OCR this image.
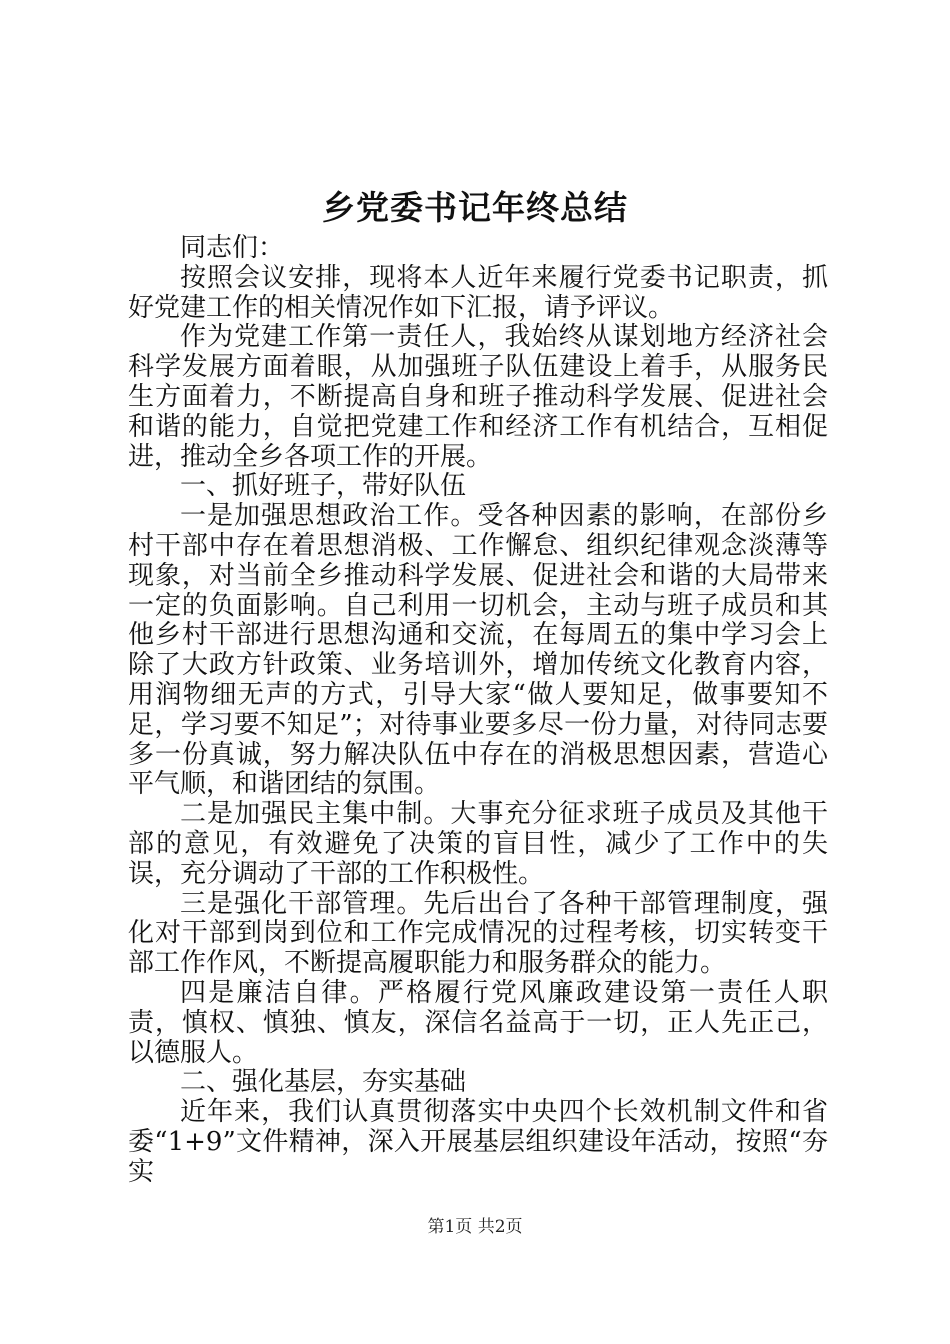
乡党委书记年终总结

同志们：

按照会议安排，现将本人近年来履行党委书记职责，抓好党建工作的相关情况作如下汇报，请予评议。

作为党建工作第一责任人，我始终从谋划地方经济社会科学发展方面着眼，从加强班子队伍建设上着手，从服务民生方面着力，不断提高自身和班子推动科学发展、促进社会和谐的能力，自觉把党建工作和经济工作有机结合，互相促进，推动全乡各项工作的开展。

一、抓好班子，带好队伍

一是加强思想政治工作。受各种因素的影响，在部份乡村干部中存在着思想消极、工作懈怠、组织纪律观念淡薄等现象，对当前全乡推动科学发展、促进社会和谐的大局带来一定的负面影响。自己利用一切机会，主动与班子成员和其他乡村干部进行思想沟通和交流，在每周五的集中学习会上除了大政方针政策、业务培训外，增加传统文化教育内容，用润物细无声的方式，引导大家“做人要知足，做事要知不足，学习要不知足”；对待事业要多尽一份力量，对待同志要多一份真诚，努力解决队伍中存在的消极思想因素，营造心平气顺，和谐团结的氛围。

二是加强民主集中制。大事充分征求班子成员及其他干部的意见，有效避免了决策的盲目性，减少了工作中的失误，充分调动了干部的工作积极性。

三是强化干部管理。先后出台了各种干部管理制度，强化对干部到岗到位和工作完成情况的过程考核，切实转变干部工作作风，不断提高履职能力和服务群众的能力。

四是廉洁自律。严格履行党风廉政建设第一责任人职责，慎权、慎独、慎友，深信名益高于一切，正人先正己，以德服人。

二、强化基层，夯实基础

近年来，我们认真贯彻落实中央四个长效机制文件和省委“1+9”文件精神，深入开展基层组织建设年活动，按照“夯实

第1页 共2页
